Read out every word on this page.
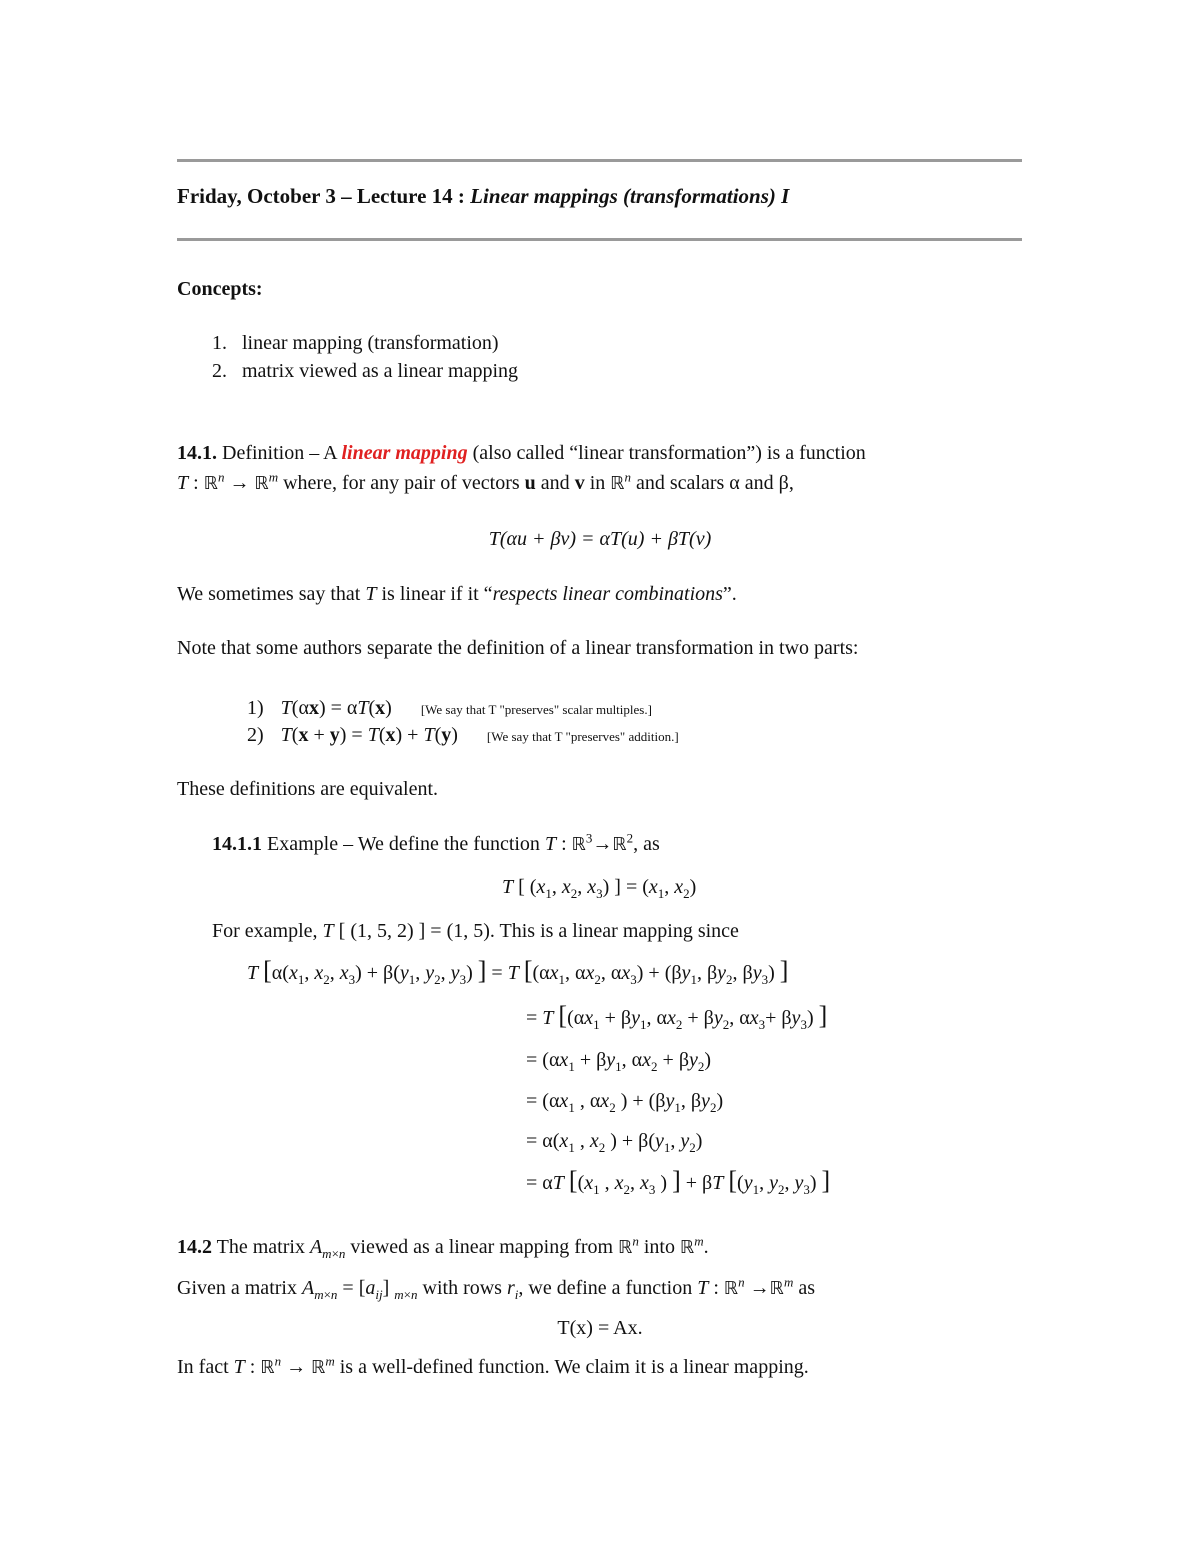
Friday, October 3 – Lecture 14 : Linear mappings (transformations) I
Concepts:
1. linear mapping (transformation)
2. matrix viewed as a linear mapping
14.1. Definition – A linear mapping (also called “linear transformation”) is a function
T : ℝ$^n$ → ℝ$^m$ where, for any pair of vectors u and v in ℝ$^n$ and scalars α and β,
T(αu + βv) = αT(u) + βT(v)
We sometimes say that T is linear if it “respects linear combinations”.
Note that some authors separate the definition of a linear transformation in two parts:
1) T(αx) = αT(x) [We say that T "preserves" scalar multiples.]
2) T(x + y) = T(x) + T(y) [We say that T "preserves" addition.]
These definitions are equivalent.
14.1.1 Example – We define the function T : ℝ$^3$→ℝ$^2$, as
T [ ($x_1$, $x_2$, $x_3$) ] = ($x_1$, $x_2$)
For example, T [ (1, 5, 2) ] = (1, 5). This is a linear mapping since
T [$\alpha(x_1$, $x_2$, $x_3) + \beta(y_1$, $y_2$, $y_3$) ] = T [($\alpha x_1$, $\alpha x_2$, $\alpha x_3) + (\beta y_1$, $\beta y_2$, $\beta y_3$) ]
= T [($\alpha x_1 + \beta y_1$, $\alpha x_2 + \beta y_2$, $\alpha x_3+ \beta y_3$) ]
= ($\alpha x_1 + \beta y_1$, $\alpha x_2 + \beta y_2$)
= ($\alpha x_1$ , $\alpha x_2$ ) + ($\beta y_1$, $\beta y_2$)
= $\alpha(x_1$ , $x_2$ ) + $\beta(y_1$, $y_2$)
= αT [($x_1$ , $x_2$, $x_3$ ) ] + βT [($y_1$, $y_2$, $y_3$) ]
14.2 The matrix $A_{m\times n}$ viewed as a linear mapping from ℝ$^n$ into ℝ$^m$.
Given a matrix $A_{m\times n} = [a_{ij}]$ $_{m\times n}$ with rows $r_i$, we define a function T : ℝ$^n$ →ℝ$^m$ as
T(x) = Ax.
In fact T : ℝ$^n$ → ℝ$^m$ is a well-defined function. We claim it is a linear mapping.
